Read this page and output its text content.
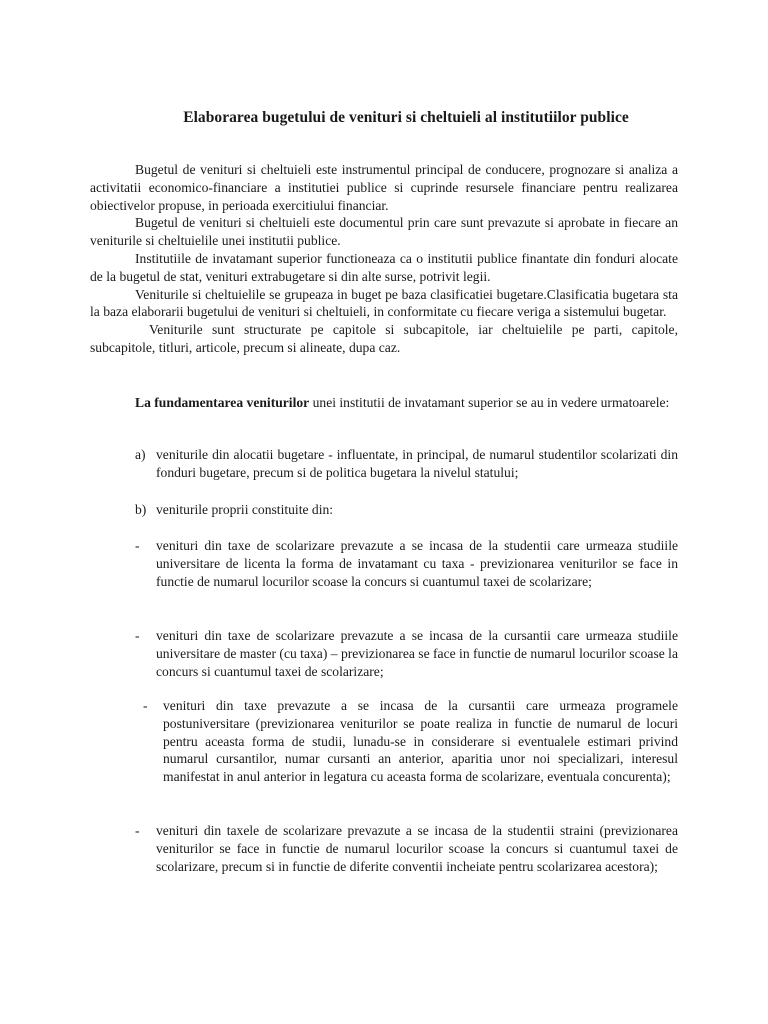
Elaborarea bugetului de venituri si cheltuieli al institutiilor publice

Bugetul de venituri si cheltuieli este instrumentul principal de conducere, prognozare si analiza a activitatii economico-financiare a institutiei publice si cuprinde resursele financiare pentru realizarea obiectivelor propuse, in perioada exercitiului financiar.

Bugetul de venituri si cheltuieli este documentul prin care sunt prevazute si aprobate in fiecare an veniturile si cheltuielile unei institutii publice.

Institutiile de invatamant superior functioneaza ca o institutii publice finantate din fonduri alocate de la bugetul de stat, venituri extrabugetare si din alte surse, potrivit legii.

Veniturile si cheltuielile se grupeaza in buget pe baza clasificatiei bugetare.Clasificatia bugetara sta la baza elaborarii bugetului de venituri si cheltuieli, in conformitate cu fiecare veriga a sistemului bugetar.

Veniturile sunt structurate pe capitole si subcapitole, iar cheltuielile pe parti, capitole, subcapitole, titluri, articole, precum si alineate, dupa caz.

La fundamentarea veniturilor unei institutii de invatamant superior se au in vedere urmatoarele:

a) veniturile din alocatii bugetare - influentate, in principal, de numarul studentilor scolarizati din fonduri bugetare, precum si de politica bugetara la nivelul statului;
b) veniturile proprii constituite din:
- venituri din taxe de scolarizare prevazute a se incasa de la studentii care urmeaza studiile universitare de licenta la forma de invatamant cu taxa - previzionarea veniturilor se face in functie de numarul locurilor scoase la concurs si cuantumul taxei de scolarizare;
- venituri din taxe de scolarizare prevazute a se incasa de la cursantii care urmeaza studiile universitare de master (cu taxa) – previzionarea se face in functie de numarul locurilor scoase la concurs si cuantumul taxei de scolarizare;
- venituri din taxe prevazute a se incasa de la cursantii care urmeaza programele postuniversitare (previzionarea veniturilor se poate realiza in functie de numarul de locuri pentru aceasta forma de studii, lunadu-se in considerare si eventualele estimari privind numarul cursantilor, numar cursanti an anterior, aparitia unor noi specializari, interesul manifestat in anul anterior in legatura cu aceasta forma de scolarizare, eventuala concurenta);
- venituri din taxele de scolarizare prevazute a se incasa de la studentii straini (previzionarea veniturilor se face in functie de numarul locurilor scoase la concurs si cuantumul taxei de scolarizare, precum si in functie de diferite conventii incheiate pentru scolarizarea acestora);
